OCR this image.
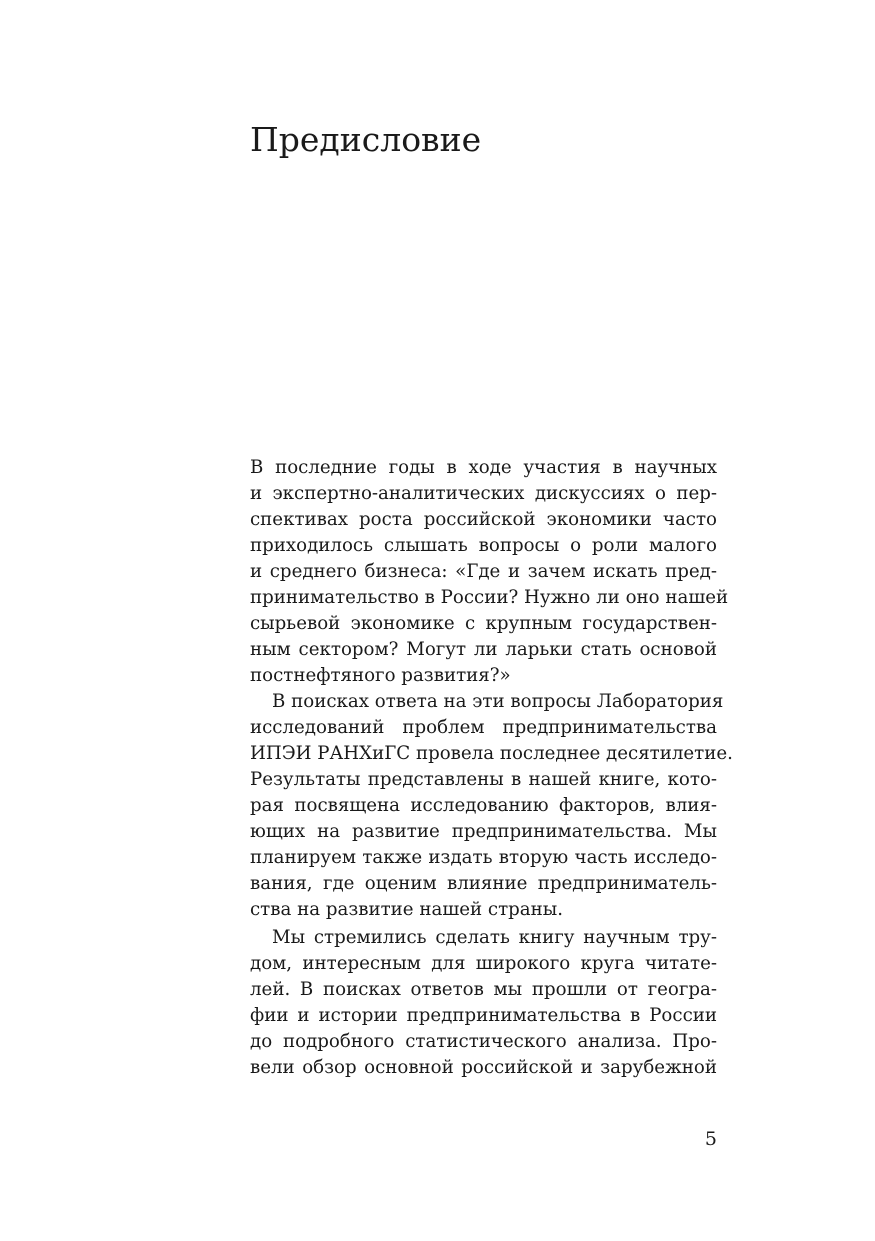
Предисловие
В последние годы в ходе участия в научных
и экспертно-аналитических дискуссиях о пер-
спективах роста российской экономики часто
приходилось слышать вопросы о роли малого
и среднего бизнеса: «Где и зачем искать пред-
принимательство в России? Нужно ли оно нашей
сырьевой экономике с крупным государствен-
ным сектором? Могут ли ларьки стать основой
постнефтяного развития?»
В поисках ответа на эти вопросы Лаборатория
исследований проблем предпринимательства
ИПЭИ РАНХиГС провела последнее десятилетие.
Результаты представлены в нашей книге, кото-
рая посвящена исследованию факторов, влия-
ющих на развитие предпринимательства. Мы
планируем также издать вторую часть исследо-
вания, где оценим влияние предприниматель-
ства на развитие нашей страны.
Мы стремились сделать книгу научным тру-
дом, интересным для широкого круга читате-
лей. В поисках ответов мы прошли от геогра-
фии и истории предпринимательства в России
до подробного статистического анализа. Про-
вели обзор основной российской и зарубежной
5
